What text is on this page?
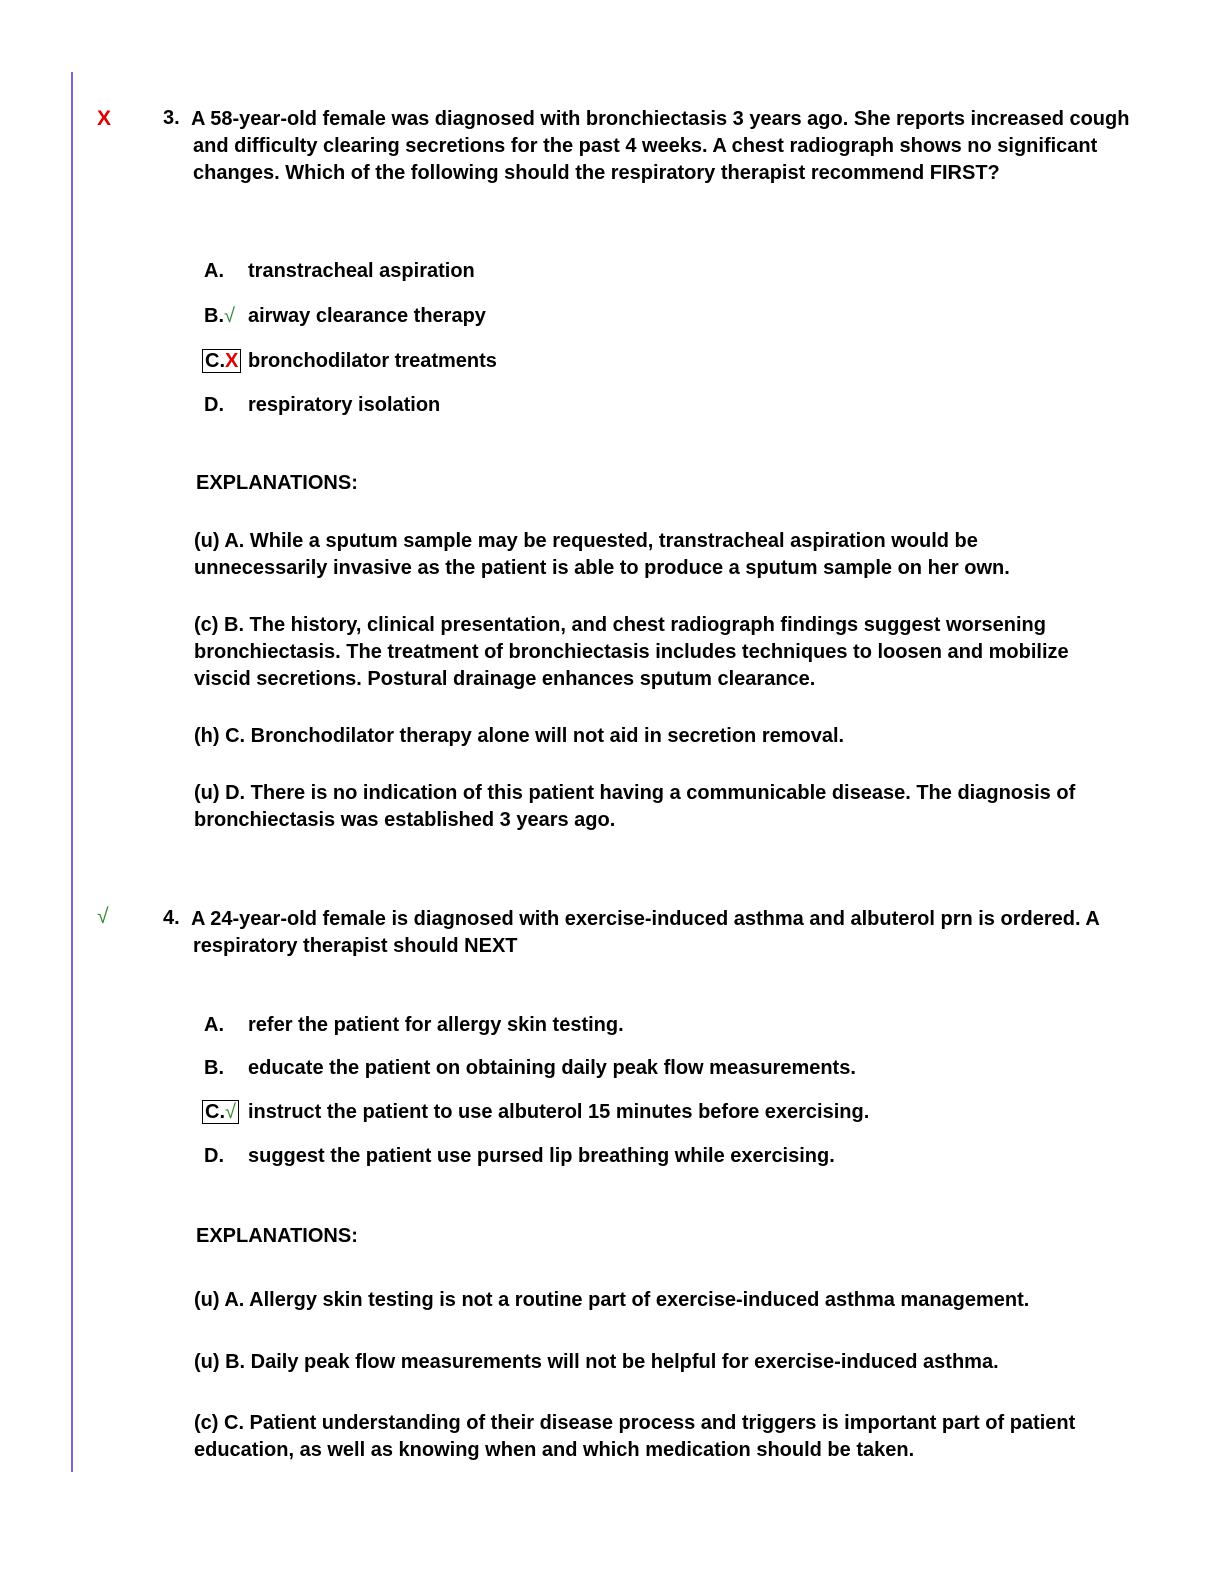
X	3. A 58-year-old female was diagnosed with bronchiectasis 3 years ago. She reports increased cough and difficulty clearing secretions for the past 4 weeks. A chest radiograph shows no significant changes. Which of the following should the respiratory therapist recommend FIRST?
A. transtracheal aspiration
B.√ airway clearance therapy
C.X bronchodilator treatments
D. respiratory isolation
EXPLANATIONS:
(u) A. While a sputum sample may be requested, transtracheal aspiration would be unnecessarily invasive as the patient is able to produce a sputum sample on her own.
(c) B. The history, clinical presentation, and chest radiograph findings suggest worsening bronchiectasis. The treatment of bronchiectasis includes techniques to loosen and mobilize viscid secretions. Postural drainage enhances sputum clearance.
(h) C. Bronchodilator therapy alone will not aid in secretion removal.
(u) D. There is no indication of this patient having a communicable disease. The diagnosis of bronchiectasis was established 3 years ago.
√	4. A 24-year-old female is diagnosed with exercise-induced asthma and albuterol prn is ordered. A respiratory therapist should NEXT
A. refer the patient for allergy skin testing.
B. educate the patient on obtaining daily peak flow measurements.
C.√ instruct the patient to use albuterol 15 minutes before exercising.
D. suggest the patient use pursed lip breathing while exercising.
EXPLANATIONS:
(u) A. Allergy skin testing is not a routine part of exercise-induced asthma management.
(u) B. Daily peak flow measurements will not be helpful for exercise-induced asthma.
(c) C. Patient understanding of their disease process and triggers is important part of patient education, as well as knowing when and which medication should be taken.
